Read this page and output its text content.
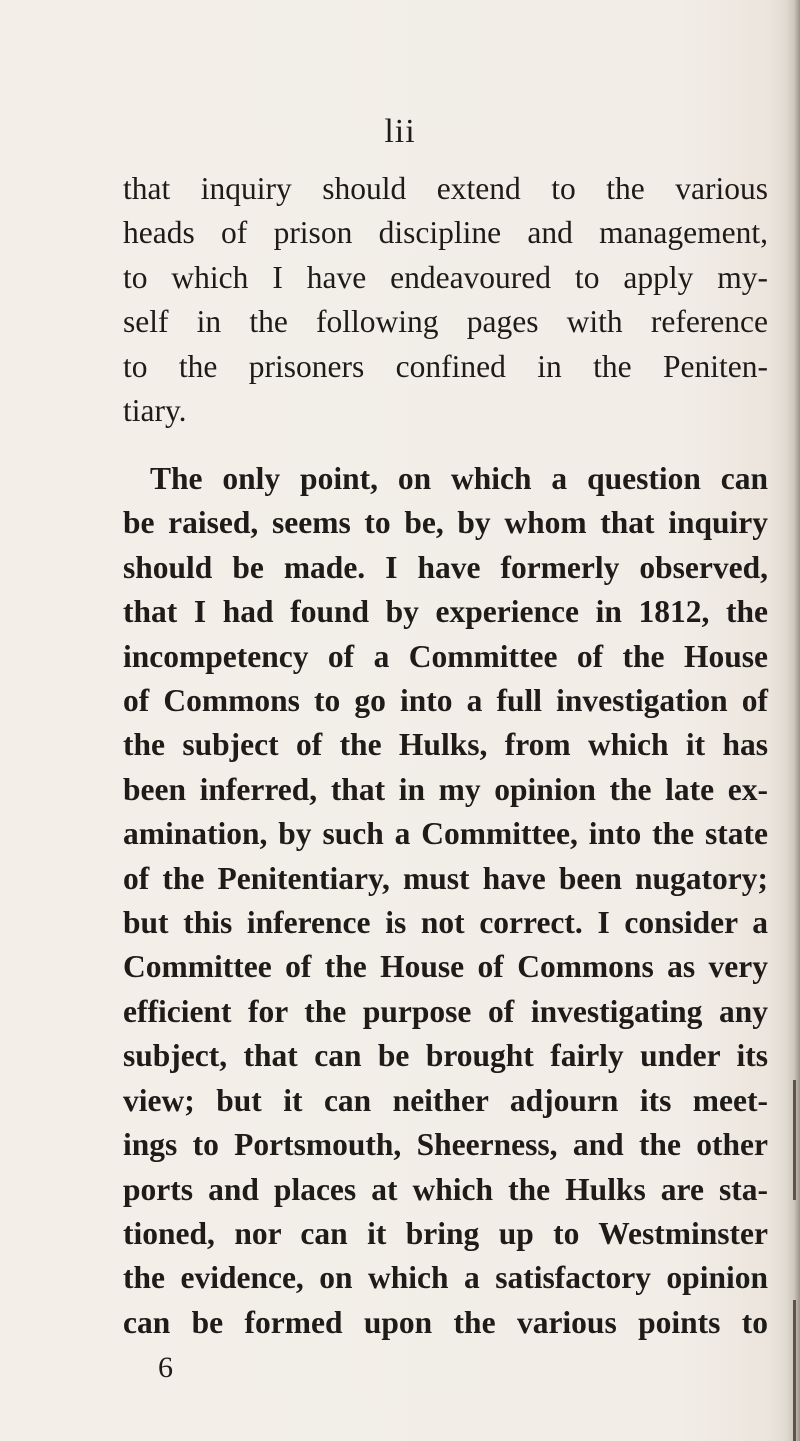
lii

that inquiry should extend to the various
heads of prison discipline and management,
to which I have endeavoured to apply my-
self in the following pages with reference
to the prisoners confined in the Peniten-
tiary.

The only point, on which a question can
be raised, seems to be, by whom that inquiry
should be made. I have formerly observed,
that I had found by experience in 1812, the
incompetency of a Committee of the House
of Commons to go into a full investigation of
the subject of the Hulks, from which it has
been inferred, that in my opinion the late ex-
amination, by such a Committee, into the state
of the Penitentiary, must have been nugatory;
but this inference is not correct. I consider a
Committee of the House of Commons as very
efficient for the purpose of investigating any
subject, that can be brought fairly under its
view; but it can neither adjourn its meet-
ings to Portsmouth, Sheerness, and the other
ports and places at which the Hulks are sta-
tioned, nor can it bring up to Westminster
the evidence, on which a satisfactory opinion
can be formed upon the various points to

6
